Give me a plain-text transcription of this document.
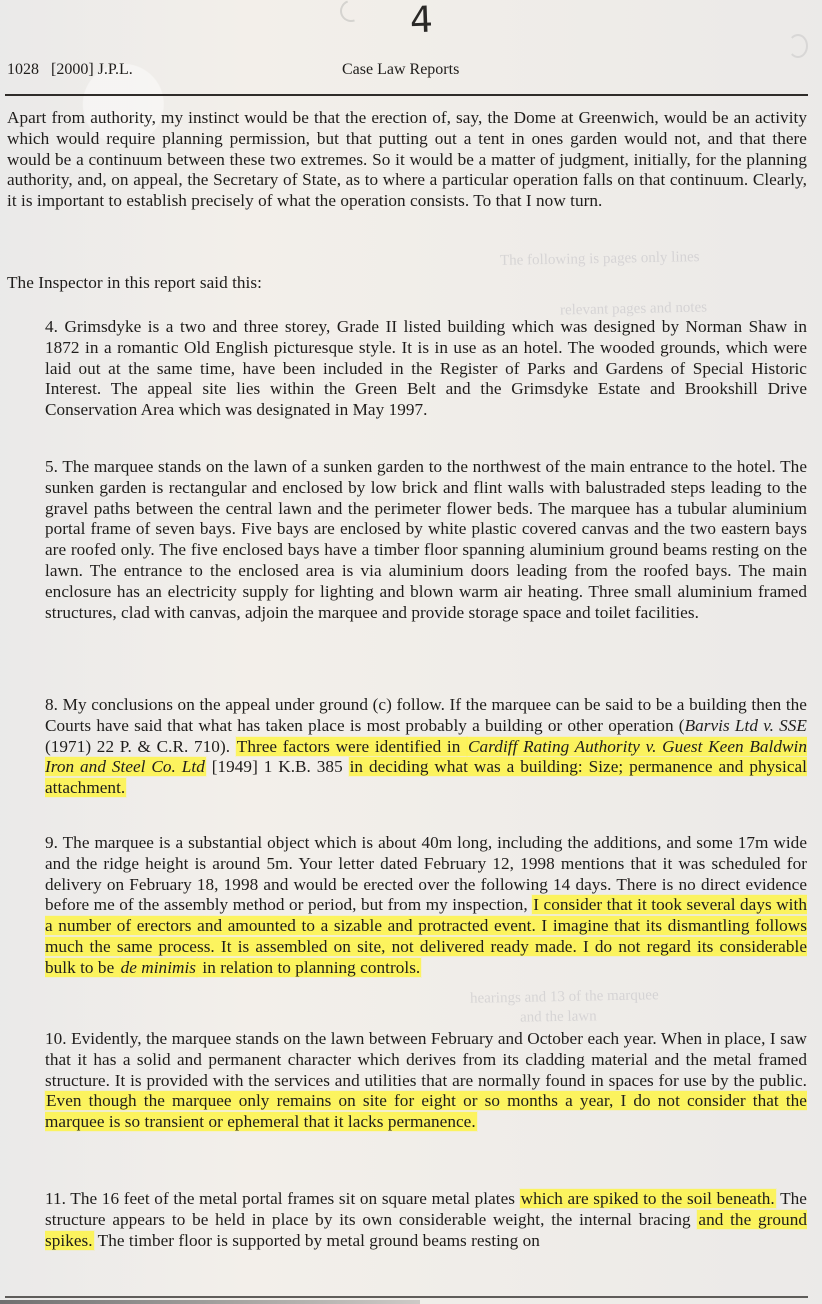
4
1028   [2000] J.P.L.	Case Law Reports
The following is pages only lines
relevant pages and notes
hearings and 13 of the marquee
and the lawn
Apart from authority, my instinct would be that the erection of, say, the Dome at Greenwich, would be an activity which would require planning permission, but that putting out a tent in ones garden would not, and that there would be a continuum between these two extremes. So it would be a matter of judgment, initially, for the planning authority, and, on appeal, the Secretary of State, as to where a particular operation falls on that continuum. Clearly, it is important to establish precisely of what the operation consists. To that I now turn.
The Inspector in this report said this:
4. Grimsdyke is a two and three storey, Grade II listed building which was designed by Norman Shaw in 1872 in a romantic Old English picturesque style. It is in use as an hotel. The wooded grounds, which were laid out at the same time, have been included in the Register of Parks and Gardens of Special Historic Interest. The appeal site lies within the Green Belt and the Grimsdyke Estate and Brookshill Drive Conservation Area which was designated in May 1997.
5. The marquee stands on the lawn of a sunken garden to the northwest of the main entrance to the hotel. The sunken garden is rectangular and enclosed by low brick and flint walls with balustraded steps leading to the gravel paths between the central lawn and the perimeter flower beds. The marquee has a tubular aluminium portal frame of seven bays. Five bays are enclosed by white plastic covered canvas and the two eastern bays are roofed only. The five enclosed bays have a timber floor spanning aluminium ground beams resting on the lawn. The entrance to the enclosed area is via aluminium doors leading from the roofed bays. The main enclosure has an electricity supply for lighting and blown warm air heating. Three small aluminium framed structures, clad with canvas, adjoin the marquee and provide storage space and toilet facilities.
8. My conclusions on the appeal under ground (c) follow. If the marquee can be said to be a building then the Courts have said that what has taken place is most probably a building or other operation (Barvis Ltd v. SSE (1971) 22 P. & C.R. 710). Three factors were identified in Cardiff Rating Authority v. Guest Keen Baldwin Iron and Steel Co. Ltd [1949] 1 K.B. 385 in deciding what was a building: Size; permanence and physical attachment.
9. The marquee is a substantial object which is about 40m long, including the additions, and some 17m wide and the ridge height is around 5m. Your letter dated February 12, 1998 mentions that it was scheduled for delivery on February 18, 1998 and would be erected over the following 14 days. There is no direct evidence before me of the assembly method or period, but from my inspection, I consider that it took several days with a number of erectors and amounted to a sizable and protracted event. I imagine that its dismantling follows much the same process. It is assembled on site, not delivered ready made. I do not regard its considerable bulk to be de minimis in relation to planning controls.
10. Evidently, the marquee stands on the lawn between February and October each year. When in place, I saw that it has a solid and permanent character which derives from its cladding material and the metal framed structure. It is provided with the services and utilities that are normally found in spaces for use by the public. Even though the marquee only remains on site for eight or so months a year, I do not consider that the marquee is so transient or ephemeral that it lacks permanence.
11. The 16 feet of the metal portal frames sit on square metal plates which are spiked to the soil beneath. The structure appears to be held in place by its own considerable weight, the internal bracing and the ground spikes. The timber floor is supported by metal ground beams resting on
